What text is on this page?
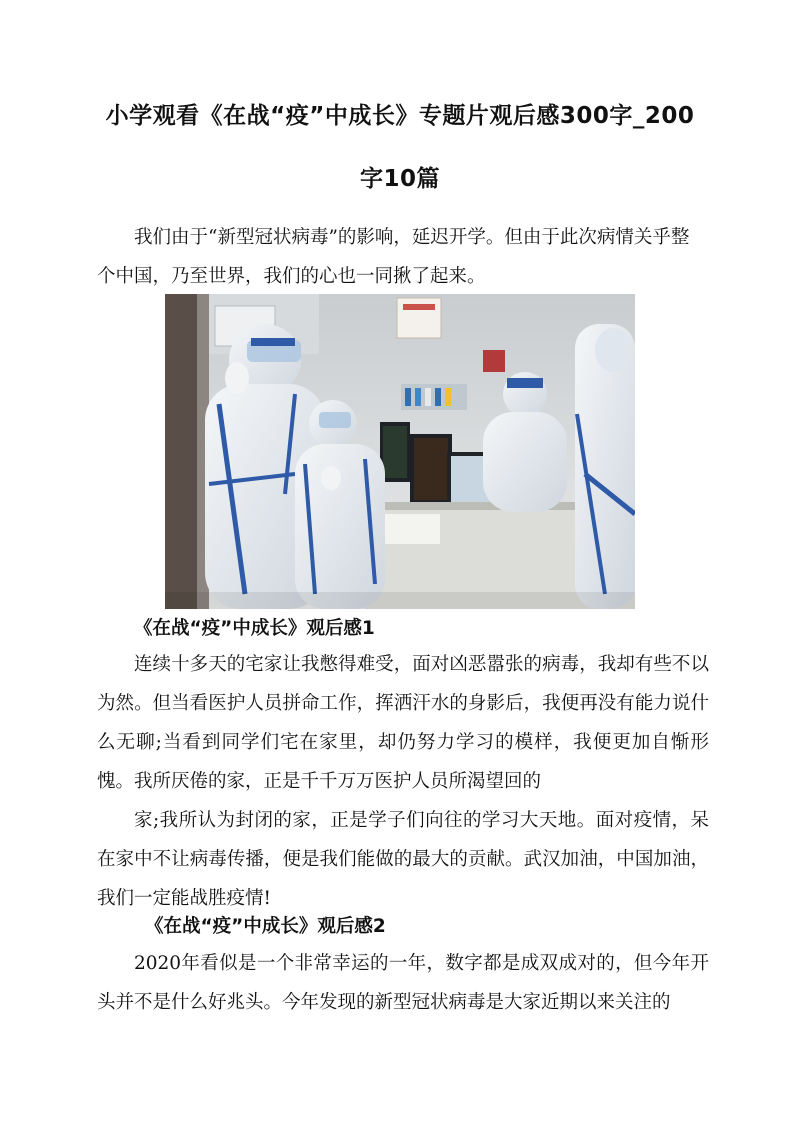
小学观看《在战“疫”中成长》专题片观后感300字_200
字10篇

我们由于“新型冠状病毒”的影响，延迟开学。但由于此次病情关乎整

个中国，乃至世界，我们的心也一同揪了起来。

《在战“疫”中成长》观后感1

连续十多天的宅家让我憋得难受，面对凶恶嚣张的病毒，我却有些不以为然。但当看医护人员拼命工作，挥洒汗水的身影后，我便再没有能力说什么无聊;当看到同学们宅在家里，却仍努力学习的模样，我便更加自惭形愧。我所厌倦的家，正是千千万万医护人员所渴望回的

家;我所认为封闭的家，正是学子们向往的学习大天地。面对疫情，呆在家中不让病毒传播，便是我们能做的最大的贡献。武汉加油，中国加油，我们一定能战胜疫情!

《在战“疫”中成长》观后感2

2020年看似是一个非常幸运的一年，数字都是成双成对的，但今年开头并不是什么好兆头。今年发现的新型冠状病毒是大家近期以来关注的
